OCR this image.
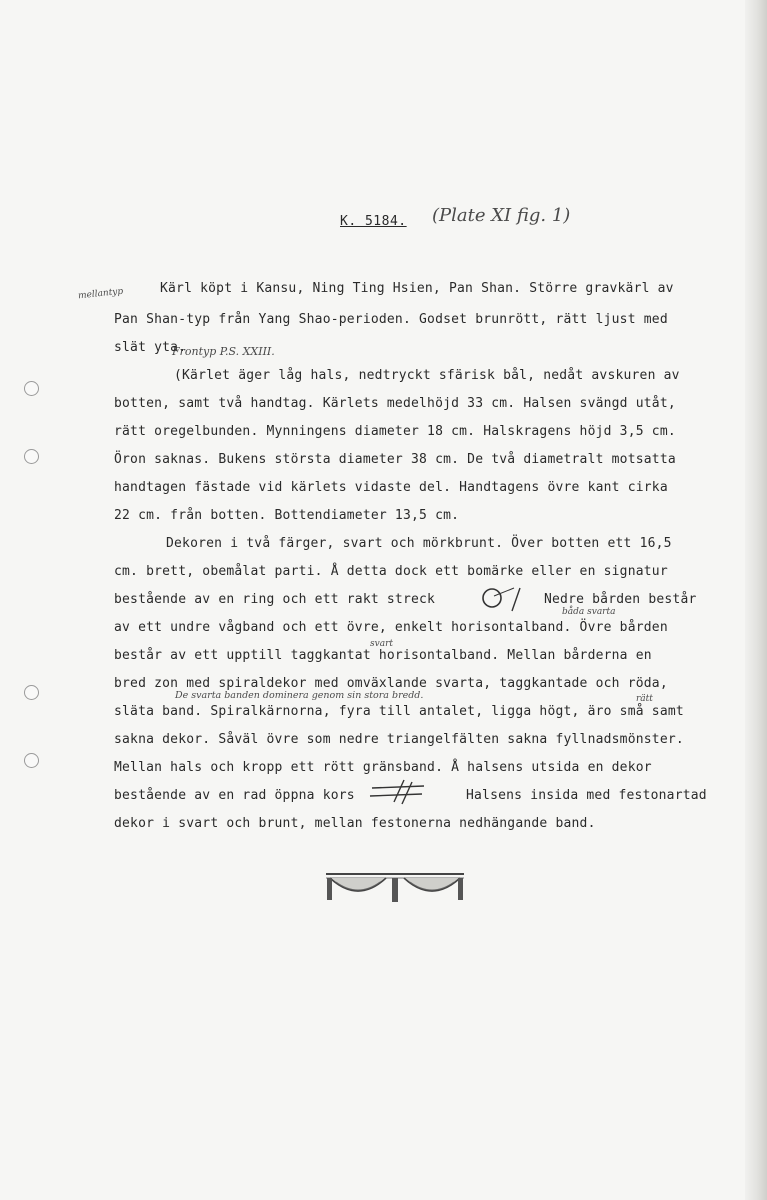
K. 5184. (Plate XI fig. 1)
mellantyp
Frontyp P.S. XXIII.
svart
båda svarta
rätt
De svarta banden dominera genom sin stora bredd.
Kärl köpt i Kansu, Ning Ting Hsien, Pan Shan. Större gravkärl av
Pan Shan-typ från Yang Shao-perioden. Godset brunrött, rätt ljust med
slät yta.
(Kärlet äger låg hals, nedtryckt sfärisk bål, nedåt avskuren av
botten, samt två handtag. Kärlets medelhöjd 33 cm. Halsen svängd utåt,
rätt oregelbunden. Mynningens diameter 18 cm. Halskragens höjd 3,5 cm.
Öron saknas. Bukens största diameter 38 cm. De två diametralt motsatta
handtagen fästade vid kärlets vidaste del. Handtagens övre kant cirka
22 cm. från botten. Bottendiameter 13,5 cm.
Dekoren i två färger, svart och mörkbrunt. Över botten ett 16,5
cm. brett, obemålat parti. Å detta dock ett bomärke eller en signatur
bestående av en ring och ett rakt streck	Nedre bården består
av ett undre vågband och ett övre, enkelt horisontalband. Övre bården
består av ett upptill taggkantat horisontalband. Mellan bårderna en
bred zon med spiraldekor med omväxlande svarta, taggkantade och röda,
släta band. Spiralkärnorna, fyra till antalet, ligga högt, äro små samt
sakna dekor. Såväl övre som nedre triangelfälten sakna fyllnadsmönster.
Mellan hals och kropp ett rött gränsband. Å halsens utsida en dekor
bestående av en rad öppna kors	Halsens insida med festonartad
dekor i svart och brunt, mellan festonerna nedhängande band.
